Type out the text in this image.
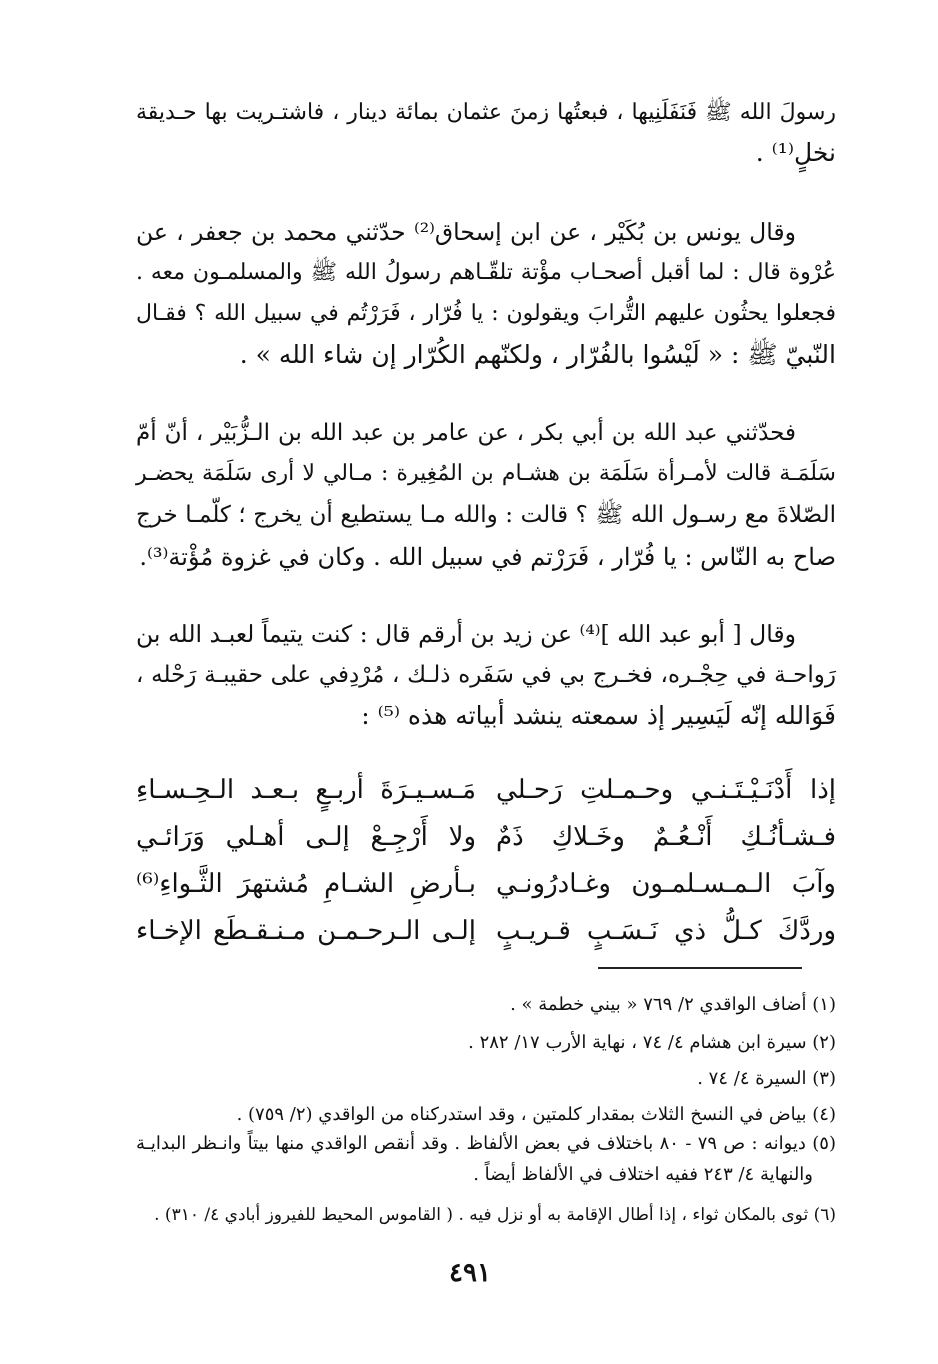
رسولَ الله ﷺ فَنَفَلَنِيها ، فبعتُها زمنَ عثمان بمائة دينار ، فاشتـريت بها حـديقة
نخلٍ⁽¹⁾ .
وقال يونس بن بُكَيْر ، عن ابن إسحاق⁽²⁾ حدّثني محمد بن جعفر ، عن
عُرْوة قال : لما أقبل أصحـاب مؤْتة تلقّـاهم رسولُ الله ﷺ والمسلمـون معه .
فجعلوا يحثُون عليهم التُّرابَ ويقولون : يا فُرّار ، فَرَرْتُم في سبيل الله ؟ فقـال
النّبيّ ﷺ : « لَيْسُوا بالفُرّار ، ولكنّهم الكُرّار إن شاء الله » .
فحدّثني عبد الله بن أبي بكر ، عن عامر بن عبد الله بن الـزُّبَيْر ، أنّ أمّ
سَلَمَـة قالت لأمـرأة سَلَمَة بن هشـام بن المُغِيرة : مـالي لا أرى سَلَمَة يحضـر
الصّلاةَ مع رسـول الله ﷺ ؟ قالت : والله مـا يستطيع أن يخرج ؛ كلّمـا خرج
صاح به النّاس : يا فُرّار ، فَرَرْتم في سبيل الله . وكان في غزوة مُؤْتة⁽³⁾.
وقال [ أبو عبد الله ]⁽⁴⁾ عن زيد بن أرقم قال : كنت يتيماً لعبـد الله بن
رَواحـة في حِجْـره، فخـرج بي في سَفَره ذلـك ، مُرْدِفي على حقيبـة رَحْله ،
فَوَالله إنّه لَيَسِير إذ سمعته ينشد أبياته هذه ⁽⁵⁾ :
إذا أَدْنَـيْـتَـنـي وحـمـلتِ رَحـلي
مَـسـيـرَةَ أربـعٍ بـعـد الـحِـسـاءِ
فـشـأنُـكِ أَنْـعُـمٌ وخَـلاكِ ذَمٌ
ولا أَرْجِـعْ إلـى أهـلي وَرَائـي
وآبَ الـمـسـلمـون وغـادرُونـي
بـأرضِ الشـامِ مُشتهرَ الثَّـواءِ⁽⁶⁾
وردَّكَ كـلُّ ذي نَـسَـبٍ قـريـبٍ
إلـى الـرحـمـن مـنـقـطَع الإخـاء
(١) أضاف الواقدي ٢/ ٧٦٩ « بيني خطمة » .
(٢) سيرة ابن هشام ٤/ ٧٤ ، نهاية الأرب ١٧/ ٢٨٢ .
(٣) السيرة ٤/ ٧٤ .
(٤) بياض في النسخ الثلاث بمقدار كلمتين ، وقد استدركناه من الواقدي (٢/ ٧٥٩) .
(٥) ديوانه : ص ٧٩ - ٨٠ باختلاف في بعض الألفاظ . وقد أنقص الواقدي منها بيتاً وانـظر البدايـة
والنهاية ٤/ ٢٤٣ ففيه اختلاف في الألفاظ أيضاً .
(٦) ثوى بالمكان ثواء ، إذا أطال الإقامة به أو نزل فيه . ( القاموس المحيط للفيروز أبادي ٤/ ٣١٠) .
٤٩١
